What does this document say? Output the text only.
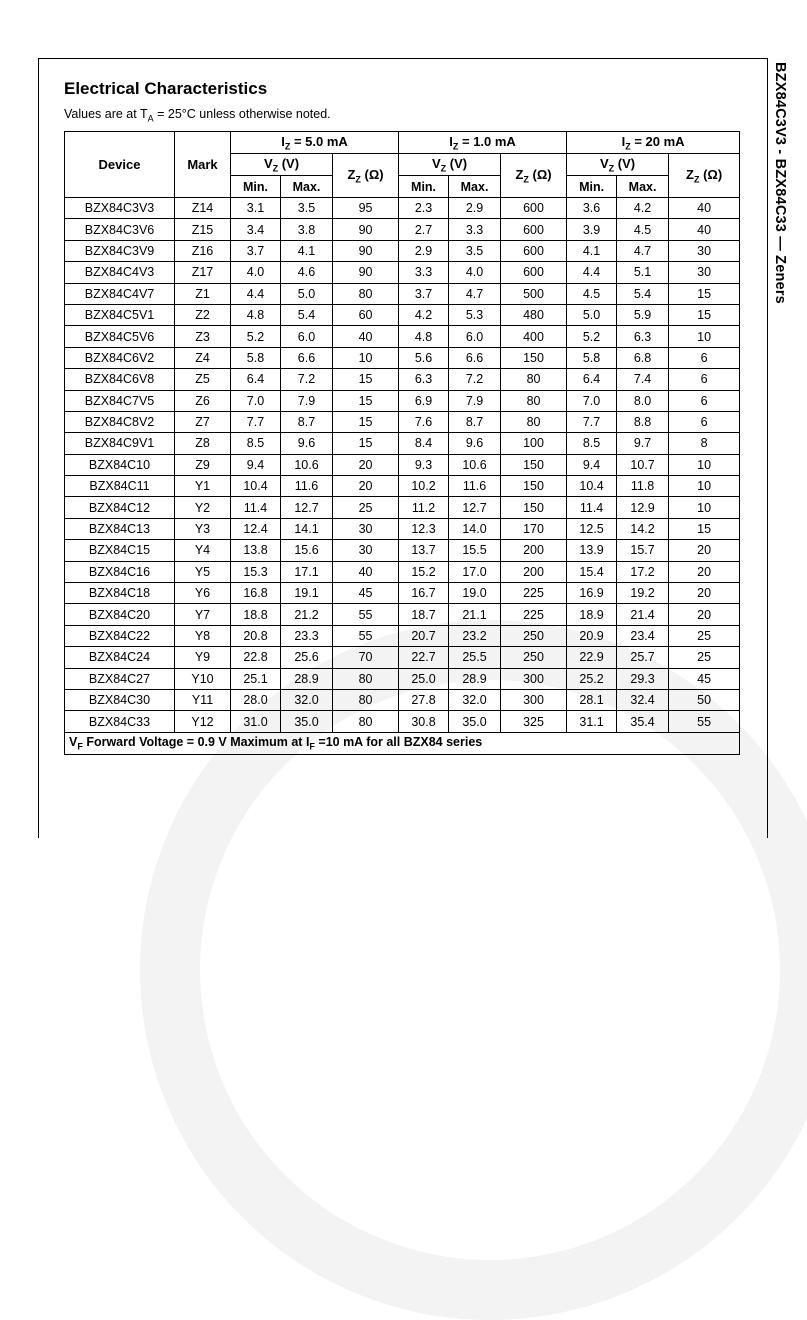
BZX84C3V3 - BZX84C33 — Zeners
Electrical Characteristics
Values are at $T_A = 25^\circ C$ unless otherwise noted.
Device	Mark	$I_Z = 5.0$ mA			$I_Z = 1.0$ mA			$I_Z = 20$ mA		
		$V_Z$ (V)		$Z_Z$ (Ω)	$V_Z$ (V)		$Z_Z$ (Ω)	$V_Z$ (V)		$Z_Z$ (Ω)
		Min.	Max.		Min.	Max.		Min.	Max.	
BZX84C3V3	Z14	3.1	3.5	95	2.3	2.9	600	3.6	4.2	40
BZX84C3V6	Z15	3.4	3.8	90	2.7	3.3	600	3.9	4.5	40
BZX84C3V9	Z16	3.7	4.1	90	2.9	3.5	600	4.1	4.7	30
BZX84C4V3	Z17	4.0	4.6	90	3.3	4.0	600	4.4	5.1	30
BZX84C4V7	Z1	4.4	5.0	80	3.7	4.7	500	4.5	5.4	15
BZX84C5V1	Z2	4.8	5.4	60	4.2	5.3	480	5.0	5.9	15
BZX84C5V6	Z3	5.2	6.0	40	4.8	6.0	400	5.2	6.3	10
BZX84C6V2	Z4	5.8	6.6	10	5.6	6.6	150	5.8	6.8	6
BZX84C6V8	Z5	6.4	7.2	15	6.3	7.2	80	6.4	7.4	6
BZX84C7V5	Z6	7.0	7.9	15	6.9	7.9	80	7.0	8.0	6
BZX84C8V2	Z7	7.7	8.7	15	7.6	8.7	80	7.7	8.8	6
BZX84C9V1	Z8	8.5	9.6	15	8.4	9.6	100	8.5	9.7	8
BZX84C10	Z9	9.4	10.6	20	9.3	10.6	150	9.4	10.7	10
BZX84C11	Y1	10.4	11.6	20	10.2	11.6	150	10.4	11.8	10
BZX84C12	Y2	11.4	12.7	25	11.2	12.7	150	11.4	12.9	10
BZX84C13	Y3	12.4	14.1	30	12.3	14.0	170	12.5	14.2	15
BZX84C15	Y4	13.8	15.6	30	13.7	15.5	200	13.9	15.7	20
BZX84C16	Y5	15.3	17.1	40	15.2	17.0	200	15.4	17.2	20
BZX84C18	Y6	16.8	19.1	45	16.7	19.0	225	16.9	19.2	20
BZX84C20	Y7	18.8	21.2	55	18.7	21.1	225	18.9	21.4	20
BZX84C22	Y8	20.8	23.3	55	20.7	23.2	250	20.9	23.4	25
BZX84C24	Y9	22.8	25.6	70	22.7	25.5	250	22.9	25.7	25
BZX84C27	Y10	25.1	28.9	80	25.0	28.9	300	25.2	29.3	45
BZX84C30	Y11	28.0	32.0	80	27.8	32.0	300	28.1	32.4	50
BZX84C33	Y12	31.0	35.0	80	30.8	35.0	325	31.1	35.4	55
$V_F$ Forward Voltage = 0.9 V Maximum at $I_F =10$ mA for all BZX84 series										
